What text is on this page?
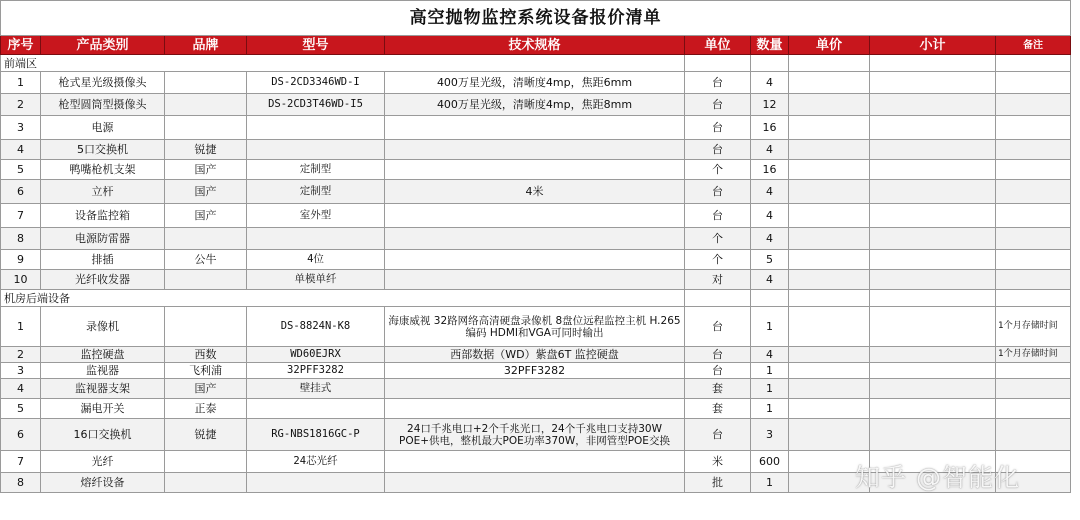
高空抛物监控系统设备报价清单									
序号	产品类别	品牌	型号	技术规格	单位	数量	单价	小计	备注
前端区									
1	枪式星光级摄像头		DS-2CD3346WD-I	400万星光级，清晰度4mp，焦距6mm	台	4			
2	枪型圆筒型摄像头		DS-2CD3T46WD-I5	400万星光级，清晰度4mp，焦距8mm	台	12			
3	电源				台	16			
4	5口交换机	锐捷			台	4			
5	鸭嘴枪机支架	国产	定制型		个	16			
6	立杆	国产	定制型	4米	台	4			
7	设备监控箱	国产	室外型		台	4			
8	电源防雷器				个	4			
9	排插	公牛	4位		个	5			
10	光纤收发器		单模单纤		对	4			
机房后端设备									
1	录像机		DS-8824N-K8	海康威视 32路网络高清硬盘录像机 8盘位远程监控主机 H.265编码 HDMI和VGA可同时输出	台	1			1个月存储时间
2	监控硬盘	西数	WD60EJRX	西部数据（WD）紫盘6T 监控硬盘	台	4			1个月存储时间
3	监视器	飞利浦	32PFF3282	32PFF3282	台	1			
4	监视器支架	国产	壁挂式		套	1			
5	漏电开关	正泰			套	1			
6	16口交换机	锐捷	RG-NBS1816GC-P	24口千兆电口+2个千兆光口，24个千兆电口支持30W POE+供电，整机最大POE功率370W，非网管型POE交换	台	3			
7	光纤		24芯光纤		米	600			
8	熔纤设备				批	1				知乎 @智能化
